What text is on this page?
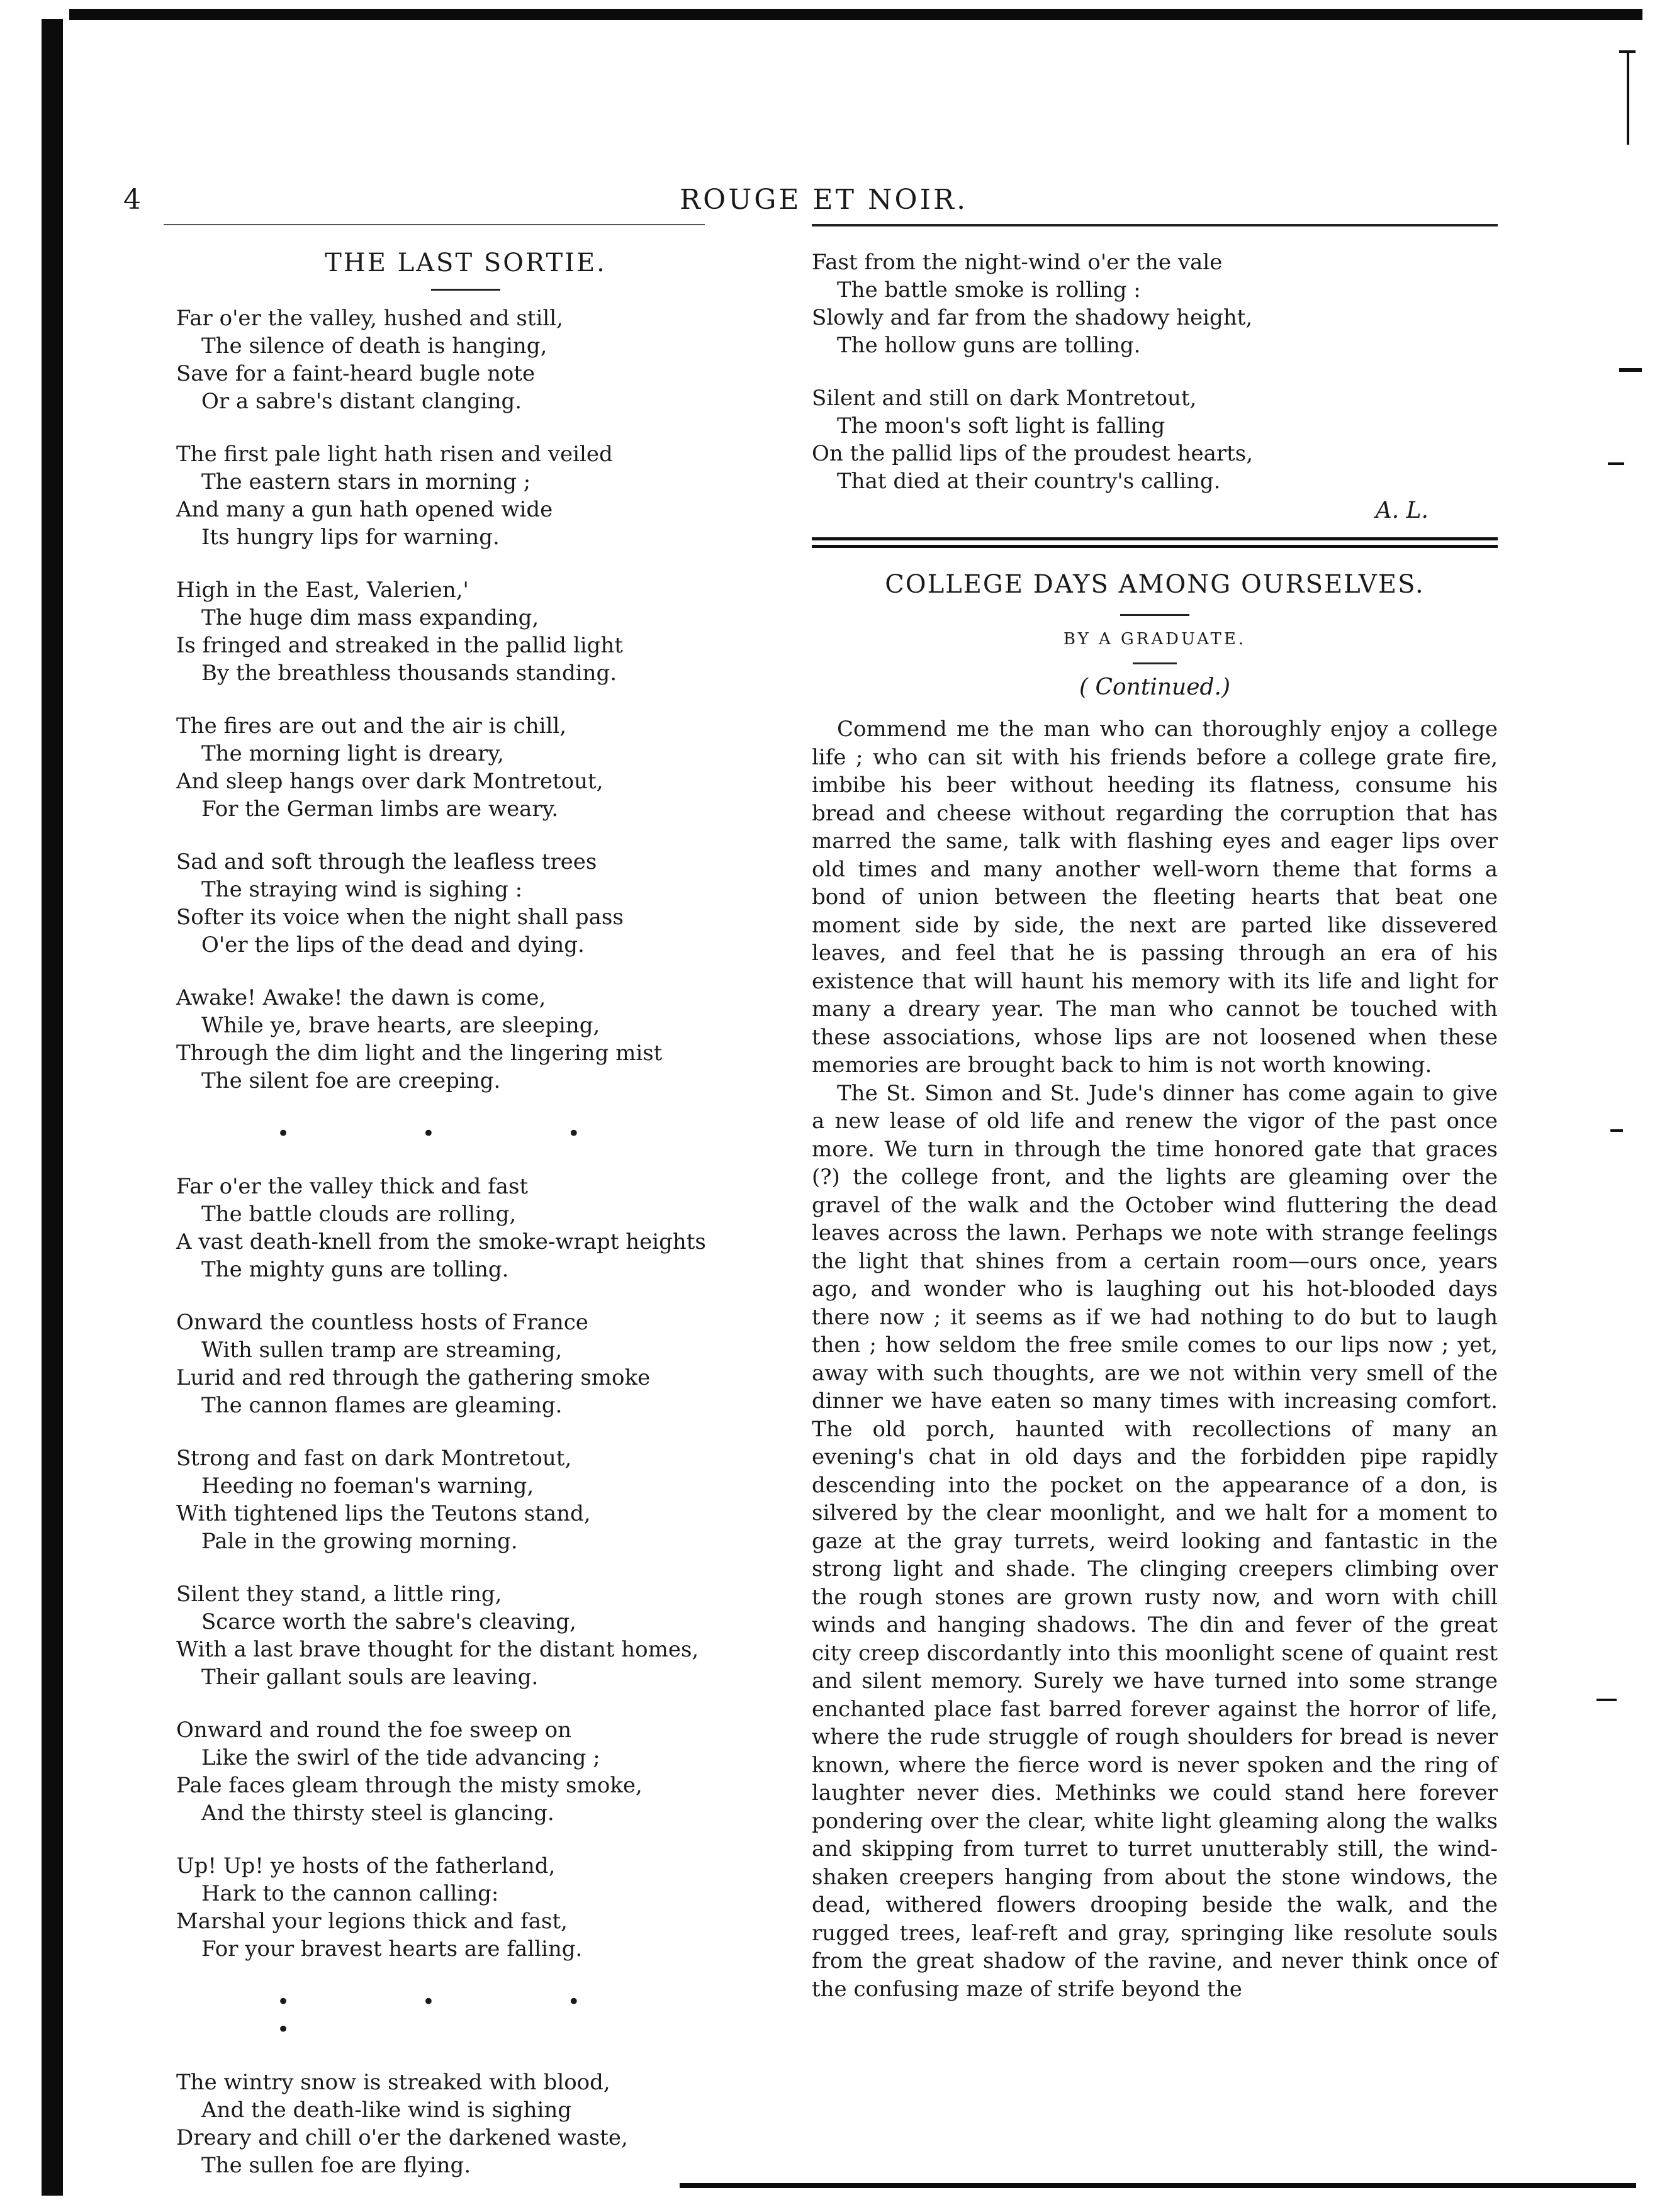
4	ROUGE ET NOIR.
THE LAST SORTIE.
Far o'er the valley, hushed and still,
The silence of death is hanging,
Save for a faint-heard bugle note
Or a sabre's distant clanging.
The first pale light hath risen and veiled
The eastern stars in morning ;
And many a gun hath opened wide
Its hungry lips for warning.
High in the East, Valerien,'
The huge dim mass expanding,
Is fringed and streaked in the pallid light
By the breathless thousands standing.
The fires are out and the air is chill,
The morning light is dreary,
And sleep hangs over dark Montretout,
For the German limbs are weary.
Sad and soft through the leafless trees
The straying wind is sighing :
Softer its voice when the night shall pass
O'er the lips of the dead and dying.
Awake! Awake! the dawn is come,
While ye, brave hearts, are sleeping,
Through the dim light and the lingering mist
The silent foe are creeping.
• • •
Far o'er the valley thick and fast
The battle clouds are rolling,
A vast death-knell from the smoke-wrapt heights
The mighty guns are tolling.
Onward the countless hosts of France
With sullen tramp are streaming,
Lurid and red through the gathering smoke
The cannon flames are gleaming.
Strong and fast on dark Montretout,
Heeding no foeman's warning,
With tightened lips the Teutons stand,
Pale in the growing morning.
Silent they stand, a little ring,
Scarce worth the sabre's cleaving,
With a last brave thought for the distant homes,
Their gallant souls are leaving.
Onward and round the foe sweep on
Like the swirl of the tide advancing ;
Pale faces gleam through the misty smoke,
And the thirsty steel is glancing.
Up! Up! ye hosts of the fatherland,
Hark to the cannon calling:
Marshal your legions thick and fast,
For your bravest hearts are falling.
• • • •
The wintry snow is streaked with blood,
And the death-like wind is sighing
Dreary and chill o'er the darkened waste,
The sullen foe are flying.
Fast from the night-wind o'er the vale
The battle smoke is rolling :
Slowly and far from the shadowy height,
The hollow guns are tolling.
Silent and still on dark Montretout,
The moon's soft light is falling
On the pallid lips of the proudest hearts,
That died at their country's calling.
A. L.
COLLEGE DAYS AMONG OURSELVES.
BY A GRADUATE.
( Continued.)

Commend me the man who can thoroughly enjoy a college life ; who can sit with his friends before a college grate fire, imbibe his beer without heeding its flatness, consume his bread and cheese without regarding the corruption that has marred the same, talk with flashing eyes and eager lips over old times and many another well-worn theme that forms a bond of union between the fleeting hearts that beat one moment side by side, the next are parted like dissevered leaves, and feel that he is passing through an era of his existence that will haunt his memory with its life and light for many a dreary year. The man who cannot be touched with these associations, whose lips are not loosened when these memories are brought back to him is not worth knowing.

The St. Simon and St. Jude's dinner has come again to give a new lease of old life and renew the vigor of the past once more. We turn in through the time honored gate that graces (?) the college front, and the lights are gleaming over the gravel of the walk and the October wind fluttering the dead leaves across the lawn. Perhaps we note with strange feelings the light that shines from a certain room—ours once, years ago, and wonder who is laughing out his hot-blooded days there now ; it seems as if we had nothing to do but to laugh then ; how seldom the free smile comes to our lips now ; yet, away with such thoughts, are we not within very smell of the dinner we have eaten so many times with increasing comfort. The old porch, haunted with recollections of many an evening's chat in old days and the forbidden pipe rapidly descending into the pocket on the appearance of a don, is silvered by the clear moonlight, and we halt for a moment to gaze at the gray turrets, weird looking and fantastic in the strong light and shade. The clinging creepers climbing over the rough stones are grown rusty now, and worn with chill winds and hanging shadows. The din and fever of the great city creep discordantly into this moonlight scene of quaint rest and silent memory. Surely we have turned into some strange enchanted place fast barred forever against the horror of life, where the rude struggle of rough shoulders for bread is never known, where the fierce word is never spoken and the ring of laughter never dies. Methinks we could stand here forever pondering over the clear, white light gleaming along the walks and skipping from turret to turret unutterably still, the wind-shaken creepers hanging from about the stone windows, the dead, withered flowers drooping beside the walk, and the rugged trees, leaf-reft and gray, springing like resolute souls from the great shadow of the ravine, and never think once of the confusing maze of strife beyond the
